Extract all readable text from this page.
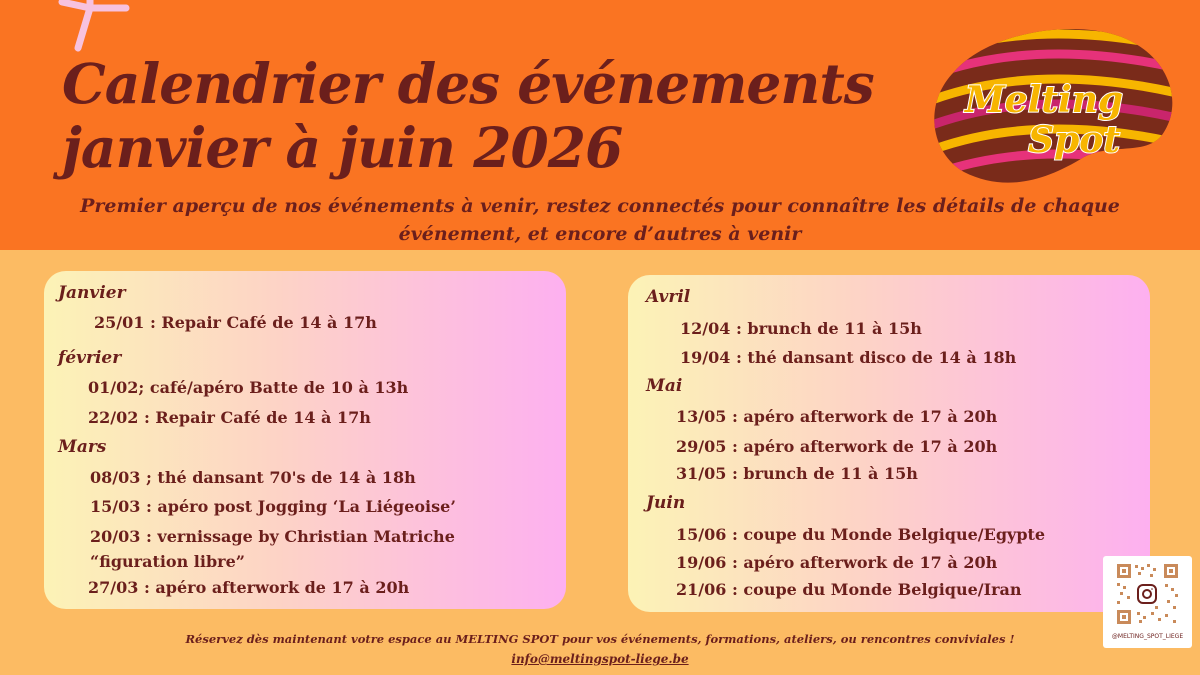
Calendrier des événements
janvier à juin 2026
Melting
Spot
Premier aperçu de nos événements à venir, restez connectés pour connaître les détails de chaque
événement, et encore d’autres à venir
Janvier
25/01 : Repair Café de 14 à 17h
février
01/02; café/apéro Batte de 10 à 13h
22/02 : Repair Café de 14 à 17h
Mars
08/03 ; thé dansant 70's de 14 à 18h
15/03 : apéro post Jogging ‘La Liégeoise’
20/03 : vernissage by Christian Matriche
“figuration libre”
27/03 : apéro afterwork de 17 à 20h
Avril
12/04 : brunch de 11 à 15h
19/04 : thé dansant disco de 14 à 18h
Mai
13/05 : apéro afterwork de 17 à 20h
29/05 : apéro afterwork de 17 à 20h
31/05 : brunch de 11 à 15h
Juin
15/06 : coupe du Monde Belgique/Egypte
19/06 : apéro afterwork de 17 à 20h
21/06 : coupe du Monde Belgique/Iran
@MELTING_SPOT_LIEGE
Réservez dès maintenant votre espace au MELTING SPOT pour vos événements, formations, ateliers, ou rencontres conviviales !
info@meltingspot-liege.be
